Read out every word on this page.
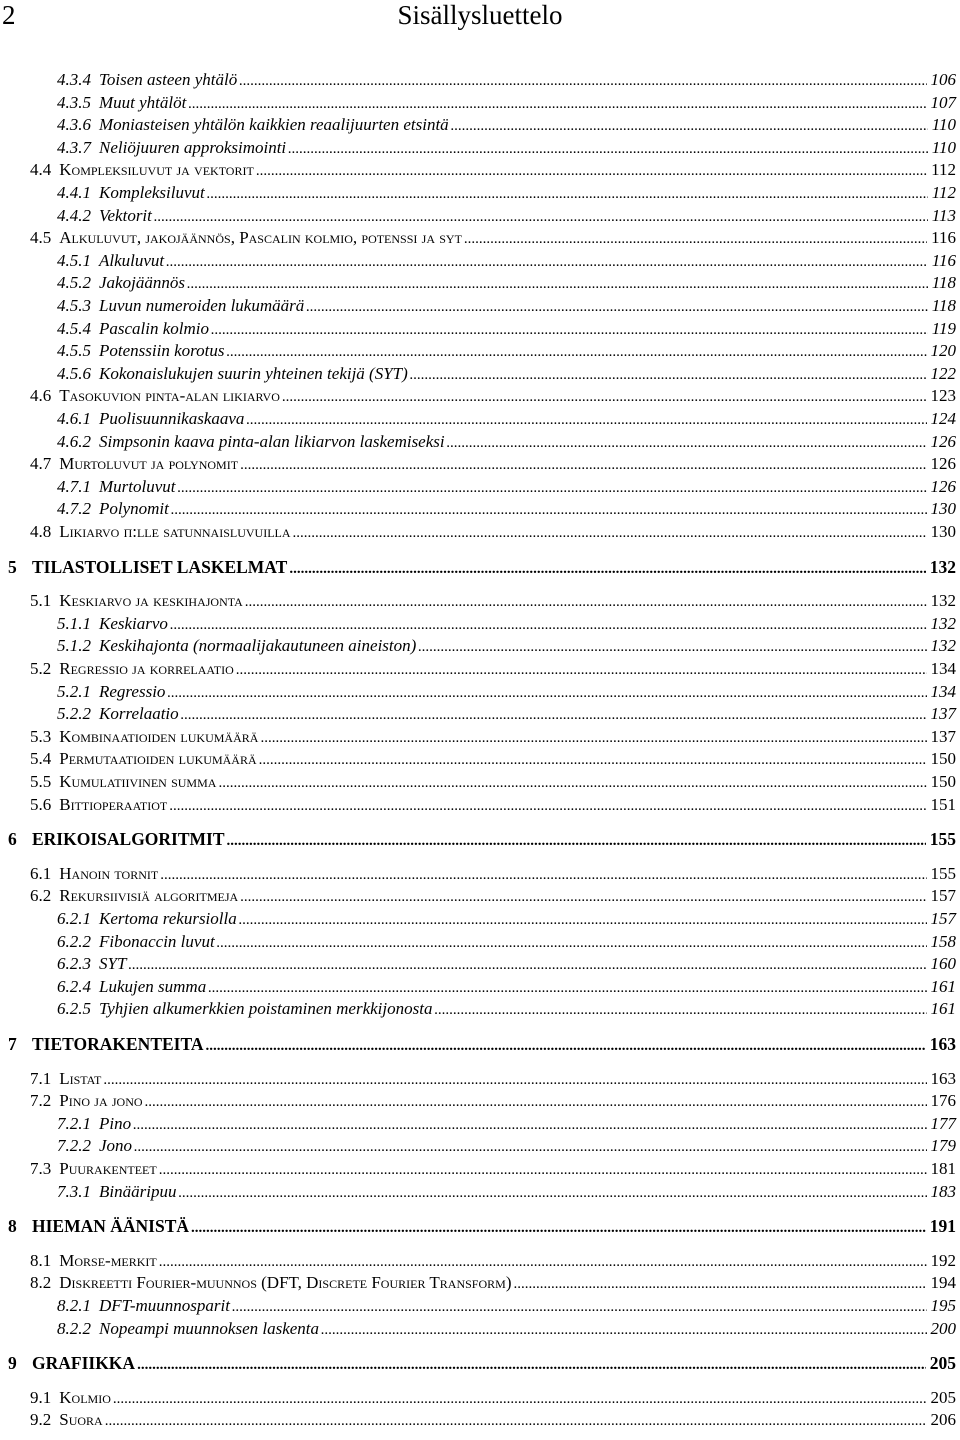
2	Sisällysluettelo
4.3.4 Toisen asteen yhtälö .....	106
4.3.5 Muut yhtälöt .....	107
4.3.6 Moniasteisen yhtälön kaikkien reaalijuurten etsintä .....	110
4.3.7 Neliöjuuren approksimointi .....	110
4.4 Kompleksiluvut ja vektorit .....	112
4.4.1 Kompleksiluvut .....	112
4.4.2 Vektorit .....	113
4.5 Alkuluvut, jakojäännös, Pascalin kolmio, potenssi ja syt .....	116
4.5.1 Alkuluvut .....	116
4.5.2 Jakojäännös .....	118
4.5.3 Luvun numeroiden lukumäärä .....	118
4.5.4 Pascalin kolmio .....	119
4.5.5 Potenssiin korotus .....	120
4.5.6 Kokonaislukujen suurin yhteinen tekijä (SYT) .....	122
4.6 Tasokuvion pinta-alan likiarvo .....	123
4.6.1 Puolisuunnikaskaava .....	124
4.6.2 Simpsonin kaava pinta-alan likiarvon laskemiseksi .....	126
4.7 Murtoluvut ja polynomit .....	126
4.7.1 Murtoluvut .....	126
4.7.2 Polynomit .....	130
4.8 Likiarvo π:lle satunnaisluvuilla .....	130
5 TILASTOLLISET LASKELMAT .....	132
5.1 Keskiarvo ja keskihajonta .....	132
5.1.1 Keskiarvo .....	132
5.1.2 Keskihajonta (normaalijakautuneen aineiston) .....	132
5.2 Regressio ja korrelaatio .....	134
5.2.1 Regressio .....	134
5.2.2 Korrelaatio .....	137
5.3 Kombinaatioiden lukumäärä .....	137
5.4 Permutaatioiden lukumäärä .....	150
5.5 Kumulatiivinen summa .....	150
5.6 Bittioperaatiot .....	151
6 ERIKOISALGORITMIT .....	155
6.1 Hanoin tornit .....	155
6.2 Rekursiivisiä algoritmeja .....	157
6.2.1 Kertoma rekursiolla .....	157
6.2.2 Fibonaccin luvut .....	158
6.2.3 SYT .....	160
6.2.4 Lukujen summa .....	161
6.2.5 Tyhjien alkumerkkien poistaminen merkkijonosta .....	161
7 TIETORAKENTEITA .....	163
7.1 Listat .....	163
7.2 Pino ja jono .....	176
7.2.1 Pino .....	177
7.2.2 Jono .....	179
7.3 Puurakenteet .....	181
7.3.1 Binääripuu .....	183
8 HIEMAN ÄÄNISTÄ .....	191
8.1 Morse-merkit .....	192
8.2 Diskreetti Fourier-muunnos (DFT, Discrete Fourier Transform) .....	194
8.2.1 DFT-muunnosparit .....	195
8.2.2 Nopeampi muunnoksen laskenta .....	200
9 GRAFIIKKA .....	205
9.1 Kolmio .....	205
9.2 Suora .....	206
